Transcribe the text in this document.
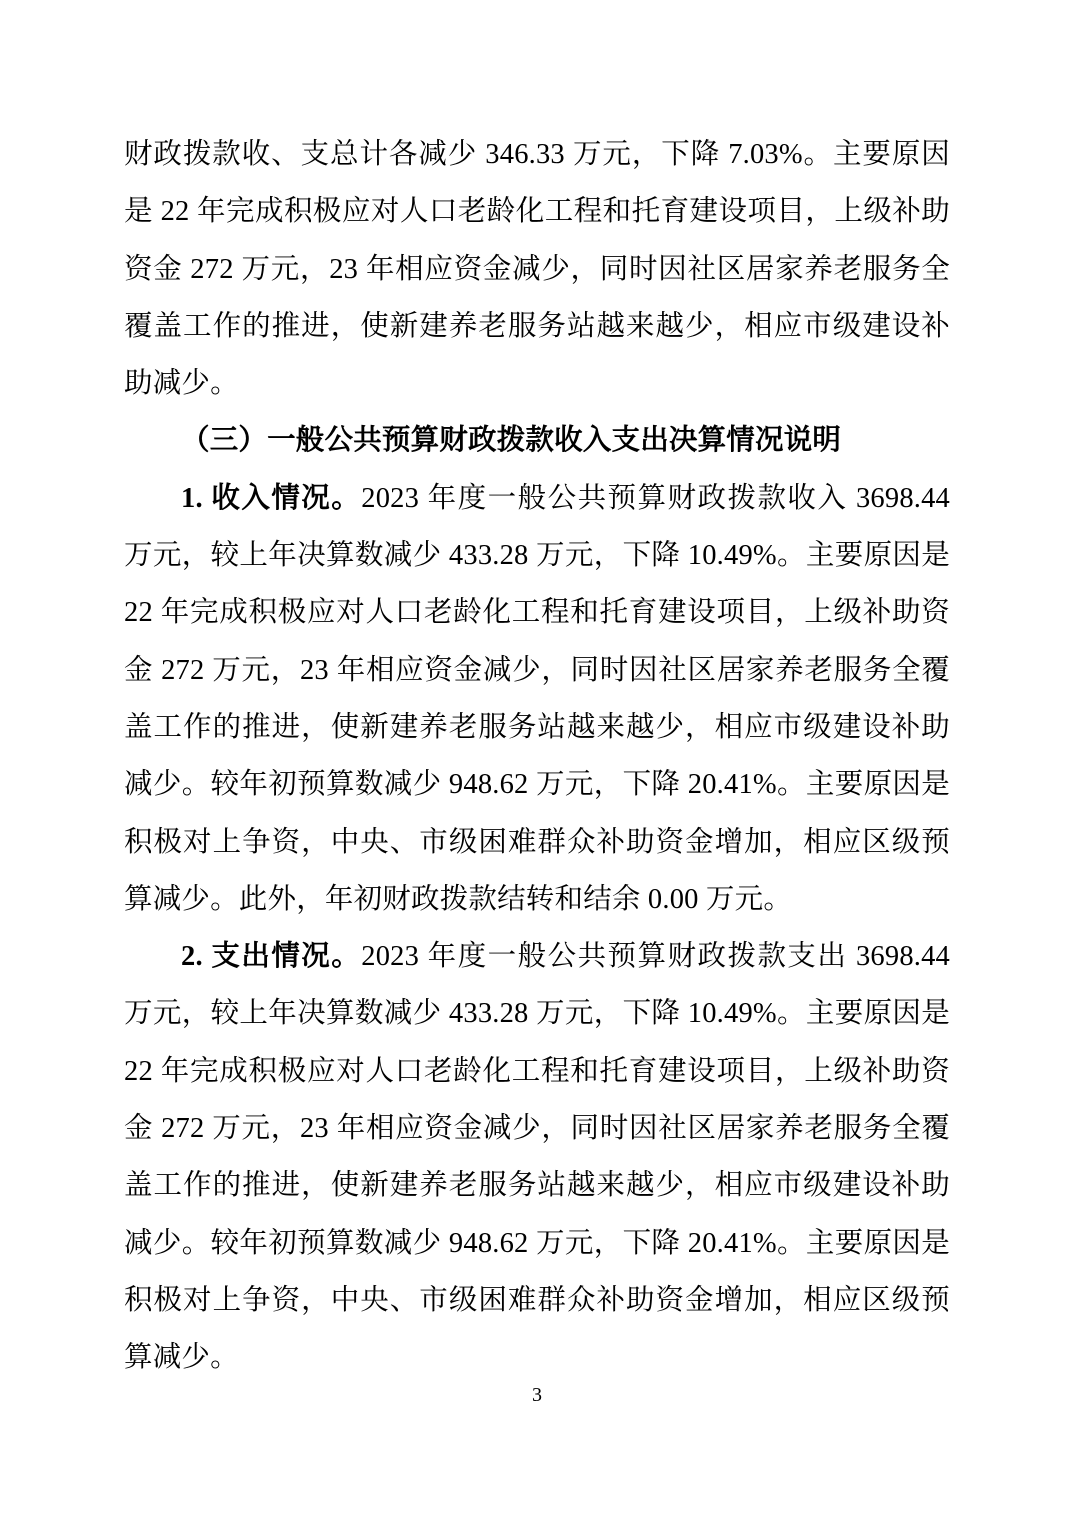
财政拨款收、支总计各减少 346.33 万元，下降 7.03%。主要原因是 22 年完成积极应对人口老龄化工程和托育建设项目，上级补助资金 272 万元，23 年相应资金减少，同时因社区居家养老服务全覆盖工作的推进，使新建养老服务站越来越少，相应市级建设补助减少。

（三）一般公共预算财政拨款收入支出决算情况说明

1. 收入情况。2023 年度一般公共预算财政拨款收入 3698.44 万元，较上年决算数减少 433.28 万元，下降 10.49%。主要原因是 22 年完成积极应对人口老龄化工程和托育建设项目，上级补助资金 272 万元，23 年相应资金减少，同时因社区居家养老服务全覆盖工作的推进，使新建养老服务站越来越少，相应市级建设补助减少。较年初预算数减少 948.62 万元，下降 20.41%。主要原因是积极对上争资，中央、市级困难群众补助资金增加，相应区级预算减少。此外，年初财政拨款结转和结余 0.00 万元。

2. 支出情况。2023 年度一般公共预算财政拨款支出 3698.44 万元，较上年决算数减少 433.28 万元，下降 10.49%。主要原因是 22 年完成积极应对人口老龄化工程和托育建设项目，上级补助资金 272 万元，23 年相应资金减少，同时因社区居家养老服务全覆盖工作的推进，使新建养老服务站越来越少，相应市级建设补助减少。较年初预算数减少 948.62 万元，下降 20.41%。主要原因是积极对上争资，中央、市级困难群众补助资金增加，相应区级预算减少。

3
